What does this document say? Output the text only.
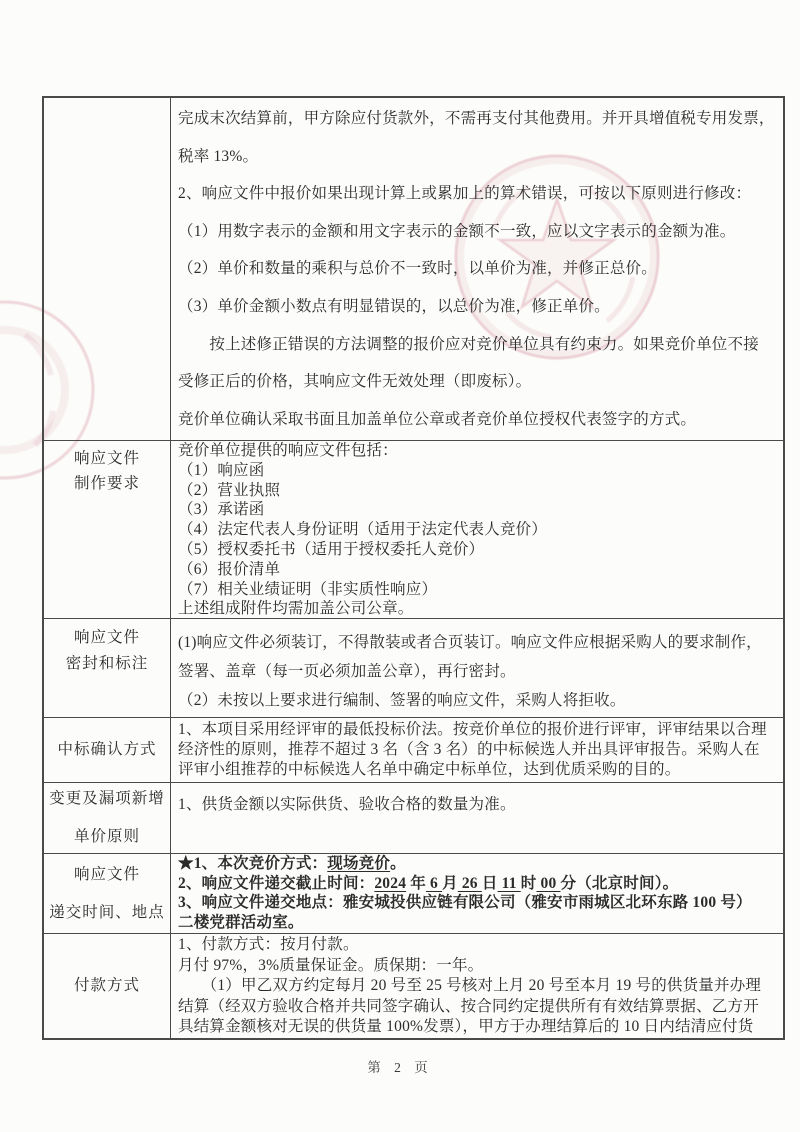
完成末次结算前，甲方除应付货款外，不需再支付其他费用。并开具增值税专用发票，
税率 13%。
2、响应文件中报价如果出现计算上或累加上的算术错误，可按以下原则进行修改：
（1）用数字表示的金额和用文字表示的金额不一致，应以文字表示的金额为准。
（2）单价和数量的乘积与总价不一致时，以单价为准，并修正总价。
（3）单价金额小数点有明显错误的，以总价为准，修正单价。
　　按上述修正错误的方法调整的报价应对竞价单位具有约束力。如果竞价单位不接
受修正后的价格，其响应文件无效处理（即废标）。
竞价单位确认采取书面且加盖单位公章或者竞价单位授权代表签字的方式。
响应文件
制作要求
竞价单位提供的响应文件包括：
（1）响应函
（2）营业执照
（3）承诺函
（4）法定代表人身份证明（适用于法定代表人竞价）
（5）授权委托书（适用于授权委托人竞价）
（6）报价清单
（7）相关业绩证明（非实质性响应）
上述组成附件均需加盖公司公章。
响应文件
密封和标注
(1)响应文件必须装订，不得散装或者合页装订。响应文件应根据采购人的要求制作，
签署、盖章（每一页必须加盖公章），再行密封。
（2）未按以上要求进行编制、签署的响应文件，采购人将拒收。
中标确认方式
1、本项目采用经评审的最低投标价法。按竞价单位的报价进行评审，评审结果以合理
经济性的原则，推荐不超过 3 名（含 3 名）的中标候选人并出具评审报告。采购人在
评审小组推荐的中标候选人名单中确定中标单位，达到优质采购的目的。
变更及漏项新增
单价原则
1、供货金额以实际供货、验收合格的数量为准。
响应文件
递交时间、地点
★1、本次竞价方式：现场竞价。
2、响应文件递交截止时间：2024 年 6 月 26 日 11 时 00 分（北京时间）。
3、响应文件递交地点：雅安城投供应链有限公司（雅安市雨城区北环东路 100 号）
二楼党群活动室。
付款方式
1、付款方式：按月付款。
月付 97%，3%质量保证金。质保期：一年。
　　（1）甲乙双方约定每月 20 号至 25 号核对上月 20 号至本月 19 号的供货量并办理
结算（经双方验收合格并共同签字确认、按合同约定提供所有有效结算票据、乙方开
具结算金额核对无误的供货量 100%发票），甲方于办理结算后的 10 日内结清应付货
第 2 页
